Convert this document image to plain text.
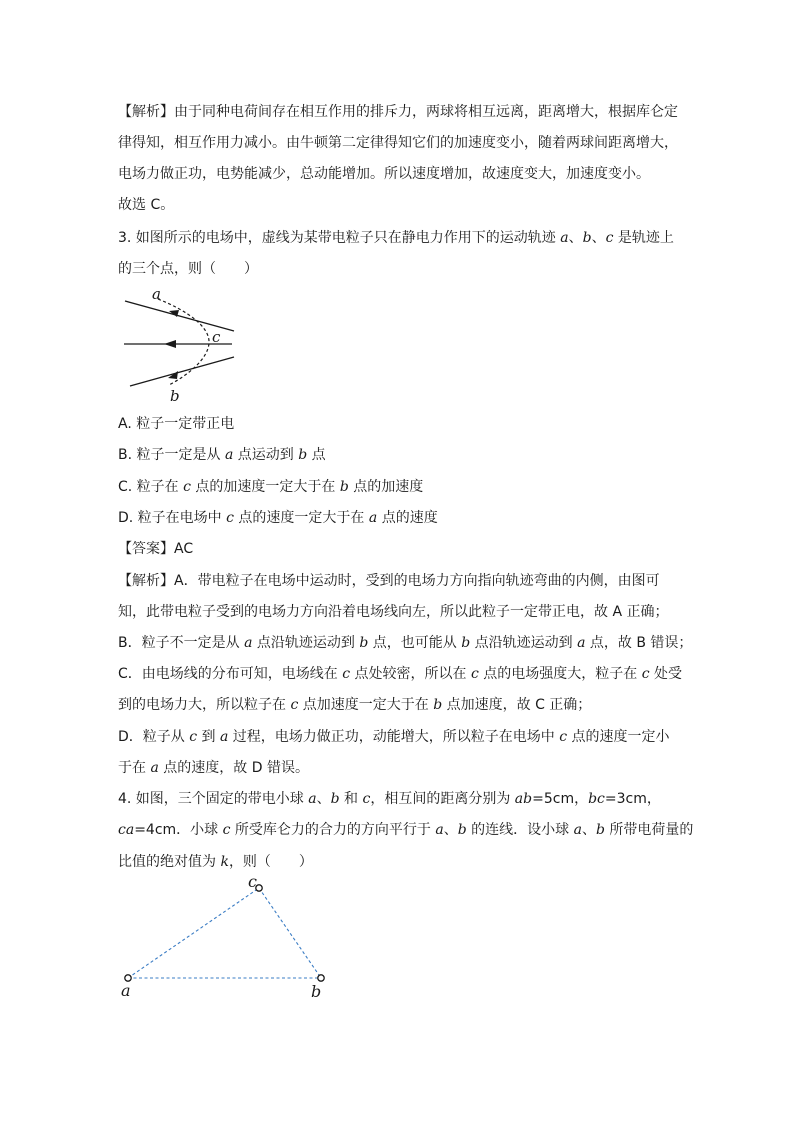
【解析】由于同种电荷间存在相互作用的排斥力，两球将相互远离，距离增大，根据库仑定
律得知，相互作用力减小。由牛顿第二定律得知它们的加速度变小，随着两球间距离增大，
电场力做正功，电势能减少，总动能增加。所以速度增加，故速度变大，加速度变小。
故选 C。
3. 如图所示的电场中，虚线为某带电粒子只在静电力作用下的运动轨迹 a、b、c 是轨迹上
的三个点，则（　　）
a
c
b
A. 粒子一定带正电
B. 粒子一定是从 a 点运动到 b 点
C. 粒子在 c 点的加速度一定大于在 b 点的加速度
D. 粒子在电场中 c 点的速度一定大于在 a 点的速度
【答案】AC
【解析】A．带电粒子在电场中运动时，受到的电场力方向指向轨迹弯曲的内侧，由图可
知，此带电粒子受到的电场力方向沿着电场线向左，所以此粒子一定带正电，故 A 正确；
B．粒子不一定是从 a 点沿轨迹运动到 b 点，也可能从 b 点沿轨迹运动到 a 点，故 B 错误；
C．由电场线的分布可知，电场线在 c 点处较密，所以在 c 点的电场强度大，粒子在 c 处受
到的电场力大，所以粒子在 c 点加速度一定大于在 b 点加速度，故 C 正确；
D．粒子从 c 到 a 过程，电场力做正功，动能增大，所以粒子在电场中 c 点的速度一定小
于在 a 点的速度，故 D 错误。
4. 如图，三个固定的带电小球 a、b 和 c，相互间的距离分别为 ab=5cm，bc=3cm，
ca=4cm．小球 c 所受库仑力的合力的方向平行于 a、b 的连线．设小球 a、b 所带电荷量的
比值的绝对值为 k，则（　　）
a	b
c
